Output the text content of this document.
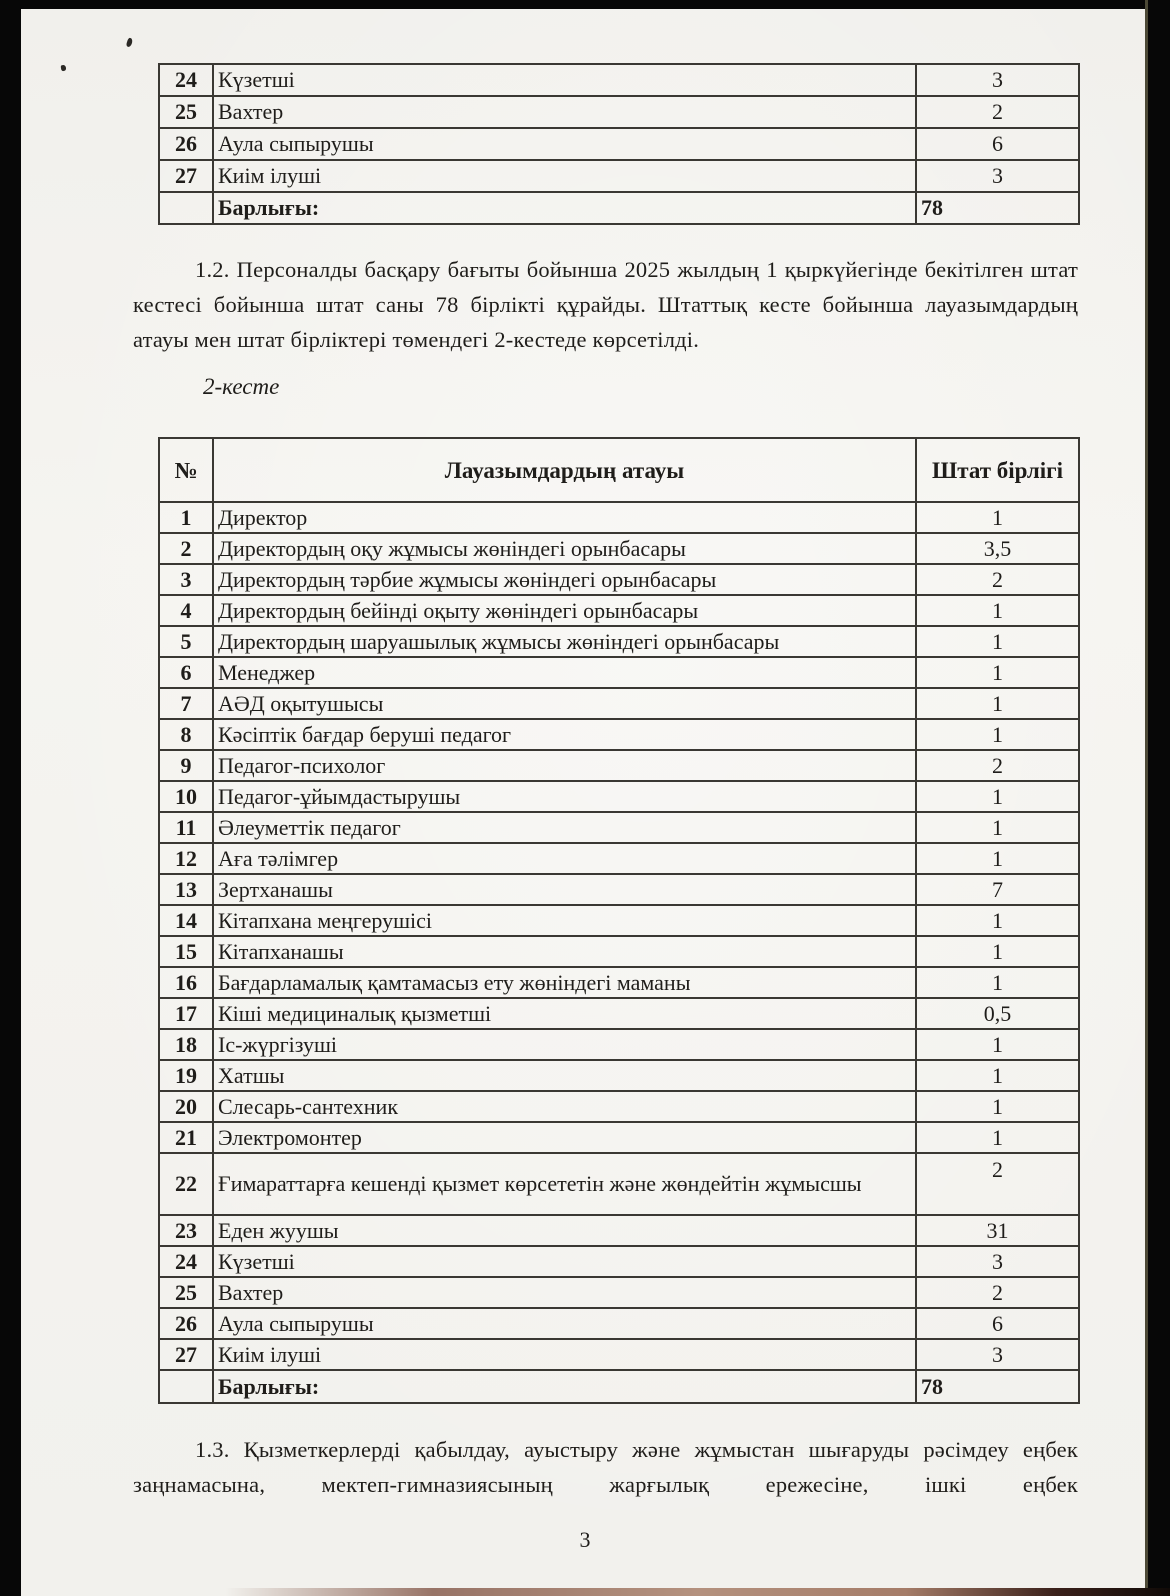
24	Күзетші	3
25	Вахтер	2
26	Аула сыпырушы	6
27	Киім ілуші	3
	Барлығы:	78

1.2. Персоналды басқару бағыты бойынша 2025 жылдың 1 қыркүйегінде бекітілген штат кестесі бойынша штат саны 78 бірлікті құрайды. Штаттық кесте бойынша лауазымдардың атауы мен штат бірліктері төмендегі 2-кестеде көрсетілді.

2-кесте
№	Лауазымдардың атауы	Штат бірлігі
1	Директор	1
2	Директордың оқу жұмысы жөніндегі орынбасары	3,5
3	Директордың тәрбие жұмысы жөніндегі орынбасары	2
4	Директордың бейінді оқыту жөніндегі орынбасары	1
5	Директордың шаруашылық жұмысы жөніндегі орынбасары	1
6	Менеджер	1
7	АӘД оқытушысы	1
8	Кәсіптік бағдар беруші педагог	1
9	Педагог-психолог	2
10	Педагог-ұйымдастырушы	1
11	Әлеуметтік педагог	1
12	Аға тәлімгер	1
13	Зертханашы	7
14	Кітапхана меңгерушісі	1
15	Кітапханашы	1
16	Бағдарламалық қамтамасыз ету жөніндегі маманы	1
17	Кіші медициналық қызметші	0,5
18	Іс-жүргізуші	1
19	Хатшы	1
20	Слесарь-сантехник	1
21	Электромонтер	1
22	Ғимараттарға кешенді қызмет көрсететін және жөндейтін жұмысшы	2
23	Еден жуушы	31
24	Күзетші	3
25	Вахтер	2
26	Аула сыпырушы	6
27	Киім ілуші	3
	Барлығы:	78

1.3. Қызметкерлерді қабылдау, ауыстыру және жұмыстан шығаруды рәсімдеу еңбек заңнамасына, мектеп-гимназиясының жарғылық ережесіне, ішкі еңбек

3
